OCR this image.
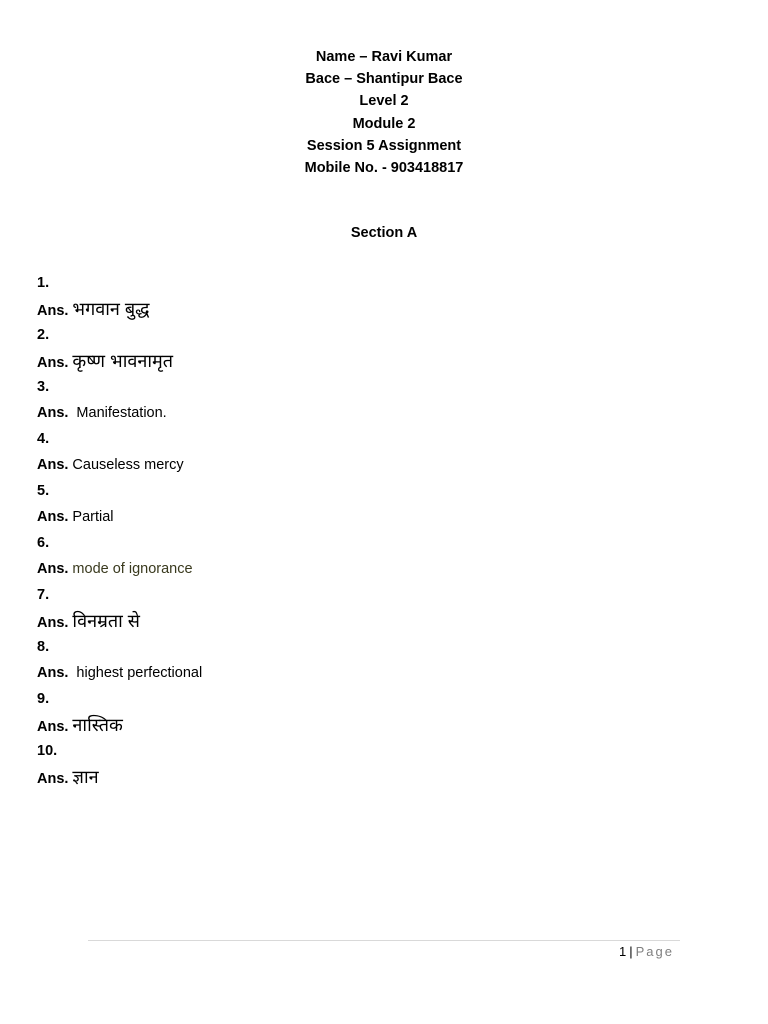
Name – Ravi Kumar
Bace – Shantipur Bace
Level 2
Module 2
Session 5 Assignment
Mobile No. - 903418817
Section A
1.
Ans. भगवान बुद्ध
2.
Ans. कृष्ण भावनामृत
3.
Ans. Manifestation.
4.
Ans. Causeless mercy
5.
Ans. Partial
6.
Ans. mode of ignorance
7.
Ans. विनम्रता से
8.
Ans. highest perfectional
9.
Ans. नास्तिक
10.
Ans. ज्ञान
1 | Page
